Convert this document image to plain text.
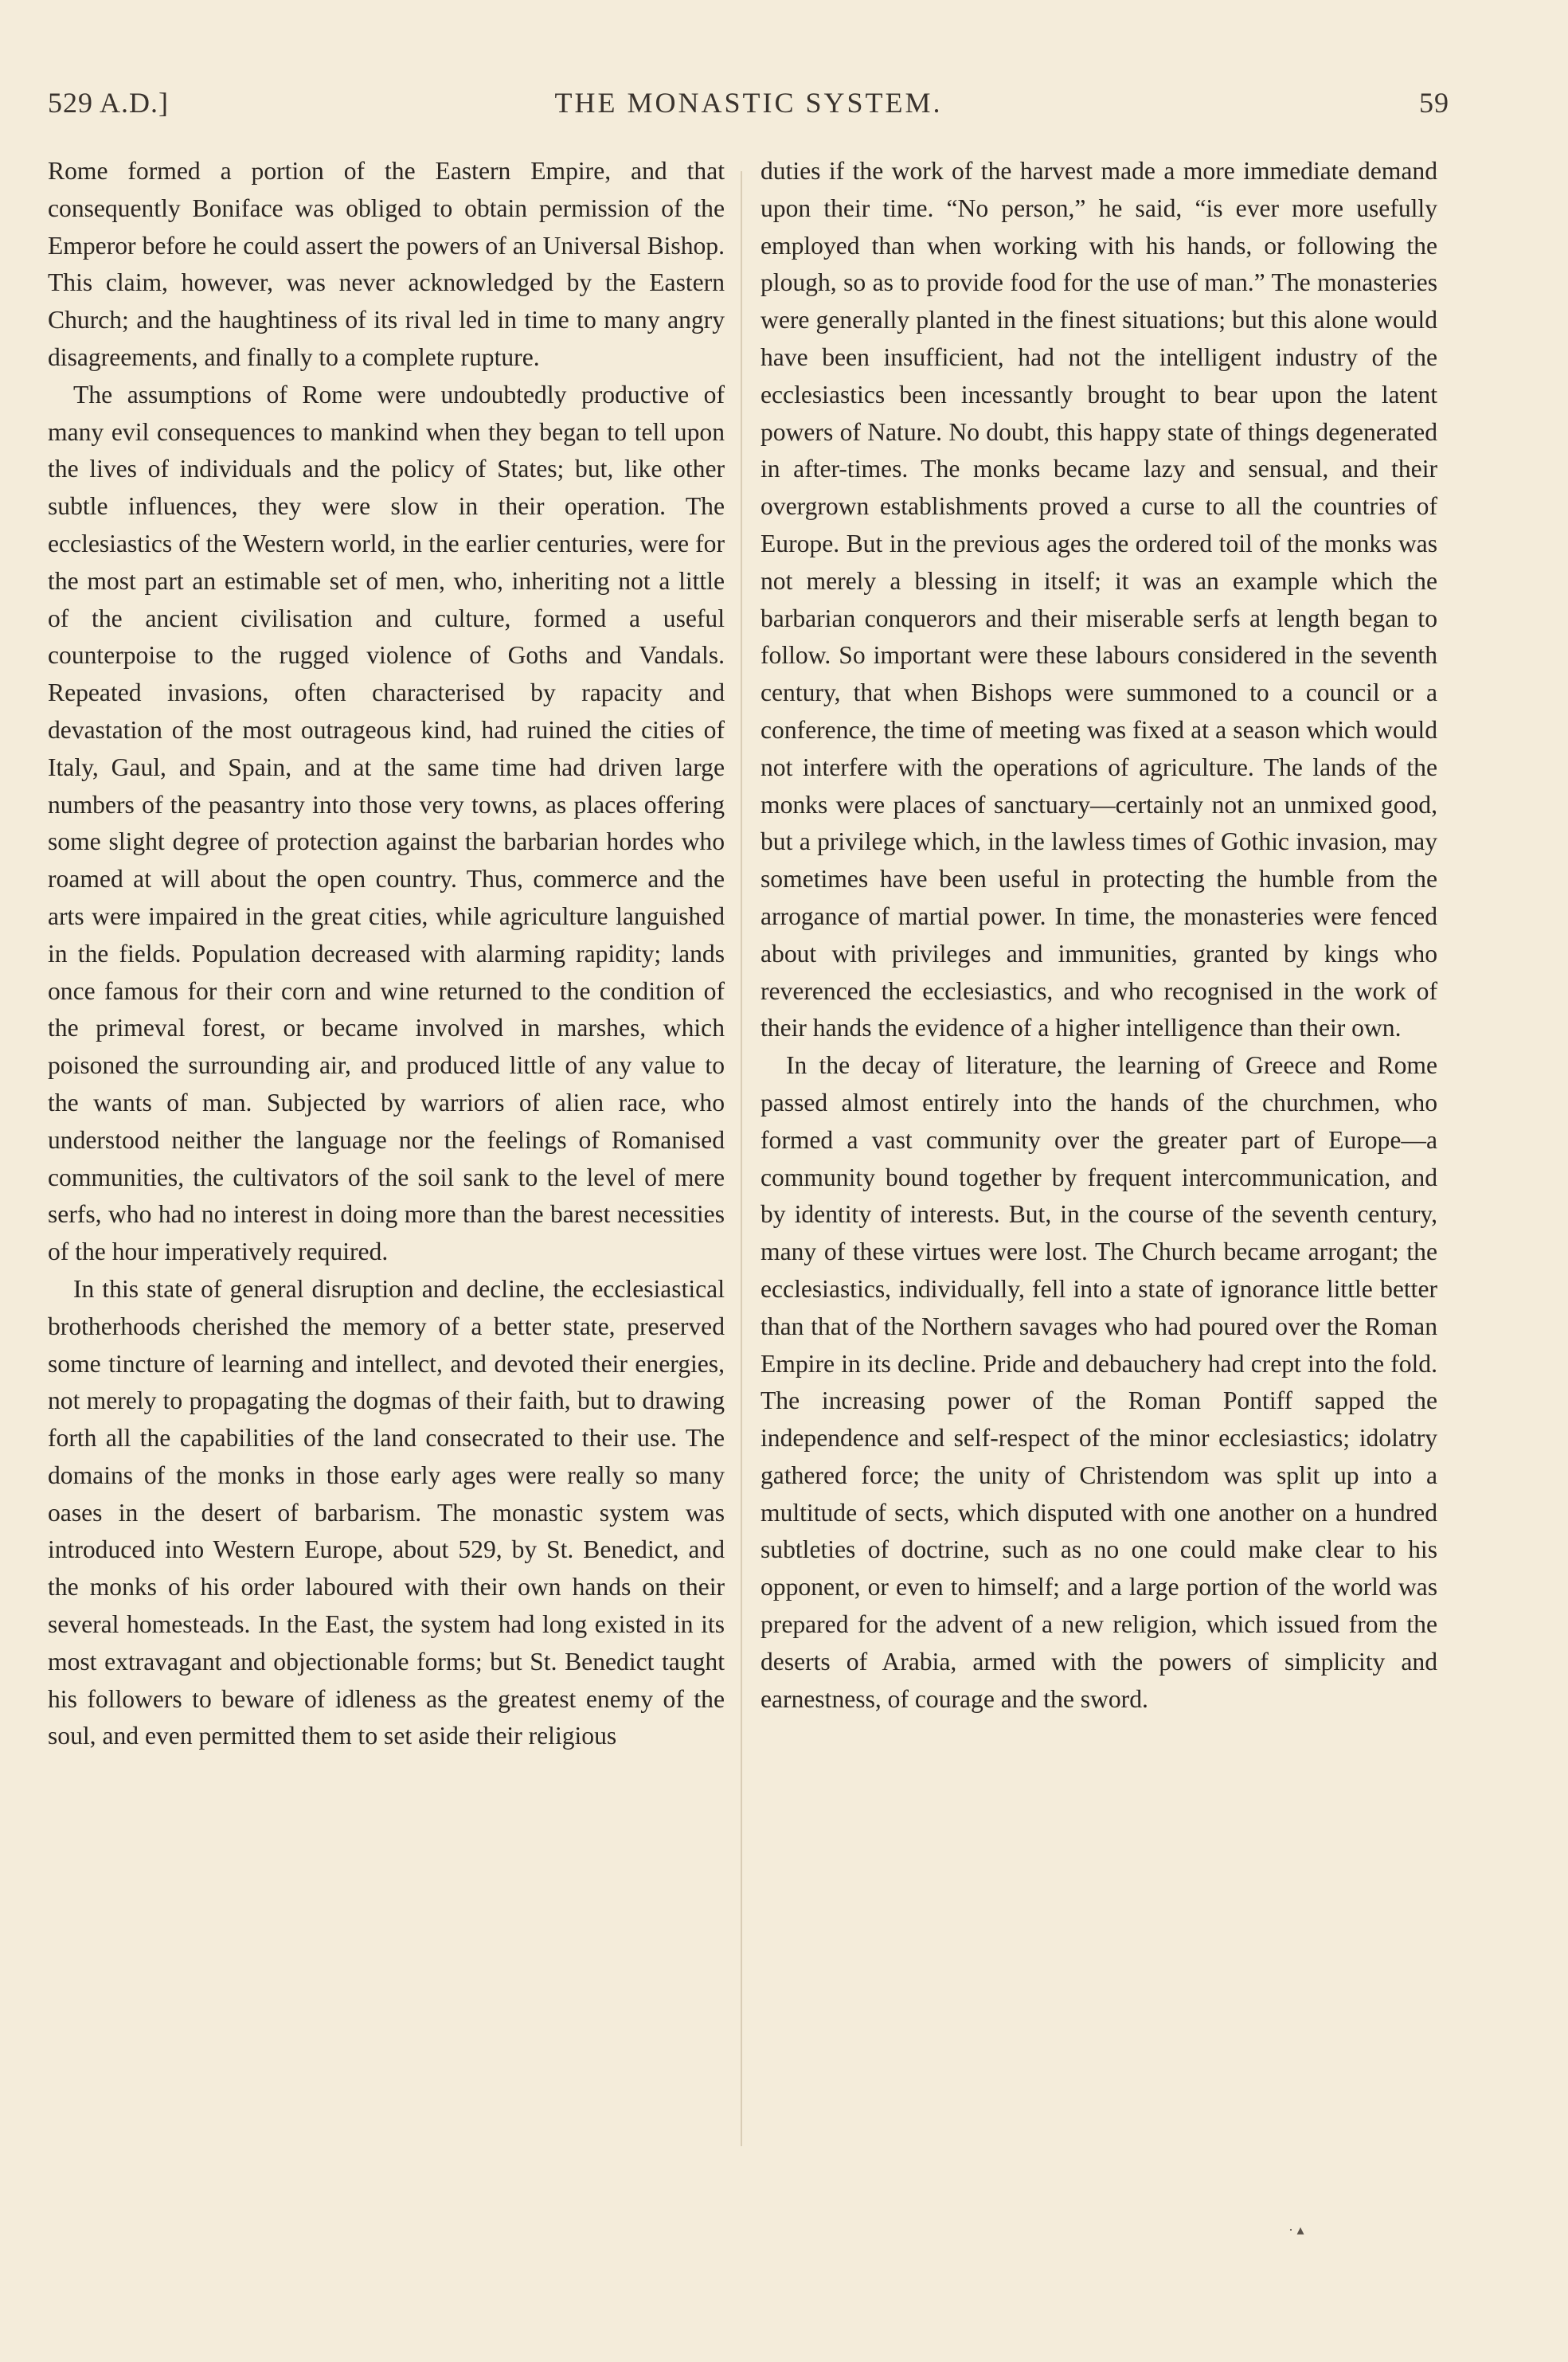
529 A.D.]	THE MONASTIC SYSTEM.	59

Rome formed a portion of the Eastern Empire, and that consequently Boniface was obliged to obtain permission of the Emperor before he could assert the powers of an Universal Bishop. This claim, however, was never acknowledged by the Eastern Church; and the haughtiness of its rival led in time to many angry disagreements, and finally to a complete rupture.

The assumptions of Rome were undoubtedly productive of many evil consequences to mankind when they began to tell upon the lives of individuals and the policy of States; but, like other subtle influences, they were slow in their operation. The ecclesiastics of the Western world, in the earlier centuries, were for the most part an estimable set of men, who, inheriting not a little of the ancient civilisation and culture, formed a useful counterpoise to the rugged violence of Goths and Vandals. Repeated invasions, often characterised by rapacity and devastation of the most outrageous kind, had ruined the cities of Italy, Gaul, and Spain, and at the same time had driven large numbers of the peasantry into those very towns, as places offering some slight degree of protection against the barbarian hordes who roamed at will about the open country. Thus, commerce and the arts were impaired in the great cities, while agriculture languished in the fields. Population decreased with alarming rapidity; lands once famous for their corn and wine returned to the condition of the primeval forest, or became involved in marshes, which poisoned the surrounding air, and produced little of any value to the wants of man. Subjected by warriors of alien race, who understood neither the language nor the feelings of Romanised communities, the cultivators of the soil sank to the level of mere serfs, who had no interest in doing more than the barest necessities of the hour imperatively required.

In this state of general disruption and decline, the ecclesiastical brotherhoods cherished the memory of a better state, preserved some tincture of learning and intellect, and devoted their energies, not merely to propagating the dogmas of their faith, but to drawing forth all the capabilities of the land consecrated to their use. The domains of the monks in those early ages were really so many oases in the desert of barbarism. The monastic system was introduced into Western Europe, about 529, by St. Benedict, and the monks of his order laboured with their own hands on their several homesteads. In the East, the system had long existed in its most extravagant and objectionable forms; but St. Benedict taught his followers to beware of idleness as the greatest enemy of the soul, and even permitted them to set aside their religious

duties if the work of the harvest made a more immediate demand upon their time. “No person,” he said, “is ever more usefully employed than when working with his hands, or following the plough, so as to provide food for the use of man.” The monasteries were generally planted in the finest situations; but this alone would have been insufficient, had not the intelligent industry of the ecclesiastics been incessantly brought to bear upon the latent powers of Nature. No doubt, this happy state of things degenerated in after-times. The monks became lazy and sensual, and their overgrown establishments proved a curse to all the countries of Europe. But in the previous ages the ordered toil of the monks was not merely a blessing in itself; it was an example which the barbarian conquerors and their miserable serfs at length began to follow. So important were these labours considered in the seventh century, that when Bishops were summoned to a council or a conference, the time of meeting was fixed at a season which would not interfere with the operations of agriculture. The lands of the monks were places of sanctuary—certainly not an unmixed good, but a privilege which, in the lawless times of Gothic invasion, may sometimes have been useful in protecting the humble from the arrogance of martial power. In time, the monasteries were fenced about with privileges and immunities, granted by kings who reverenced the ecclesiastics, and who recognised in the work of their hands the evidence of a higher intelligence than their own.

In the decay of literature, the learning of Greece and Rome passed almost entirely into the hands of the churchmen, who formed a vast community over the greater part of Europe—a community bound together by frequent intercommunication, and by identity of interests. But, in the course of the seventh century, many of these virtues were lost. The Church became arrogant; the ecclesiastics, individually, fell into a state of ignorance little better than that of the Northern savages who had poured over the Roman Empire in its decline. Pride and debauchery had crept into the fold. The increasing power of the Roman Pontiff sapped the independence and self-respect of the minor ecclesiastics; idolatry gathered force; the unity of Christendom was split up into a multitude of sects, which disputed with one another on a hundred subtleties of doctrine, such as no one could make clear to his opponent, or even to himself; and a large portion of the world was prepared for the advent of a new religion, which issued from the deserts of Arabia, armed with the powers of simplicity and earnestness, of courage and the sword.

· ▴
